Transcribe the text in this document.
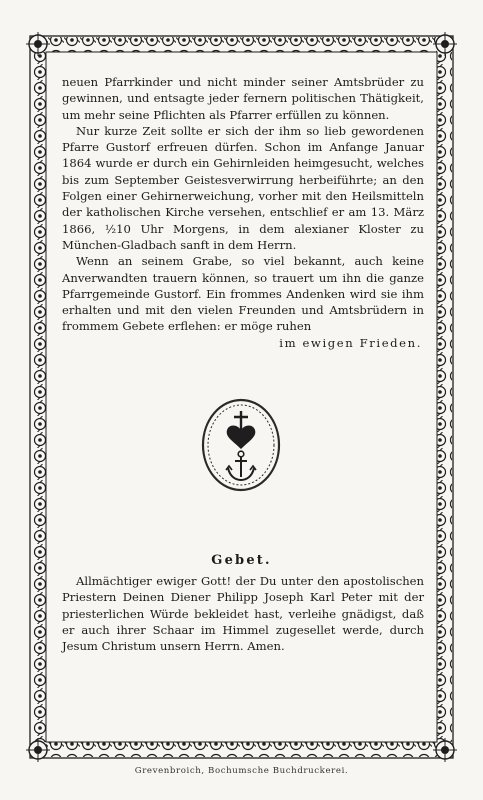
neuen Pfarrkinder und nicht minder seiner Amtsbrüder zu gewinnen, und entsagte jeder fernern politischen Thätigkeit, um mehr seine Pflichten als Pfarrer erfüllen zu können.

Nur kurze Zeit sollte er sich der ihm so lieb gewordenen Pfarre Gustorf erfreuen dürfen. Schon im Anfange Januar 1864 wurde er durch ein Gehirnleiden heimgesucht, welches bis zum September Geistesverwirrung herbeiführte; an den Folgen einer Gehirnerweichung, vorher mit den Heilsmitteln der katholischen Kirche versehen, entschlief er am 13. März 1866, ½10 Uhr Morgens, in dem alexianer Kloster zu München-Gladbach sanft in dem Herrn.

Wenn an seinem Grabe, so viel bekannt, auch keine Anverwandten trauern können, so trauert um ihn die ganze Pfarrgemeinde Gustorf. Ein frommes Andenken wird sie ihm erhalten und mit den vielen Freunden und Amtsbrüdern in frommem Gebete erflehen: er möge ruhen

im ewigen Frieden.

Gebet.

Allmächtiger ewiger Gott! der Du unter den apostolischen Priestern Deinen Diener Philipp Joseph Karl Peter mit der priesterlichen Würde bekleidet hast, verleihe gnädigst, daß er auch ihrer Schaar im Himmel zugesellet werde, durch Jesum Christum unsern Herrn. Amen.

Grevenbroich, Bochumsche Buchdruckerei.
